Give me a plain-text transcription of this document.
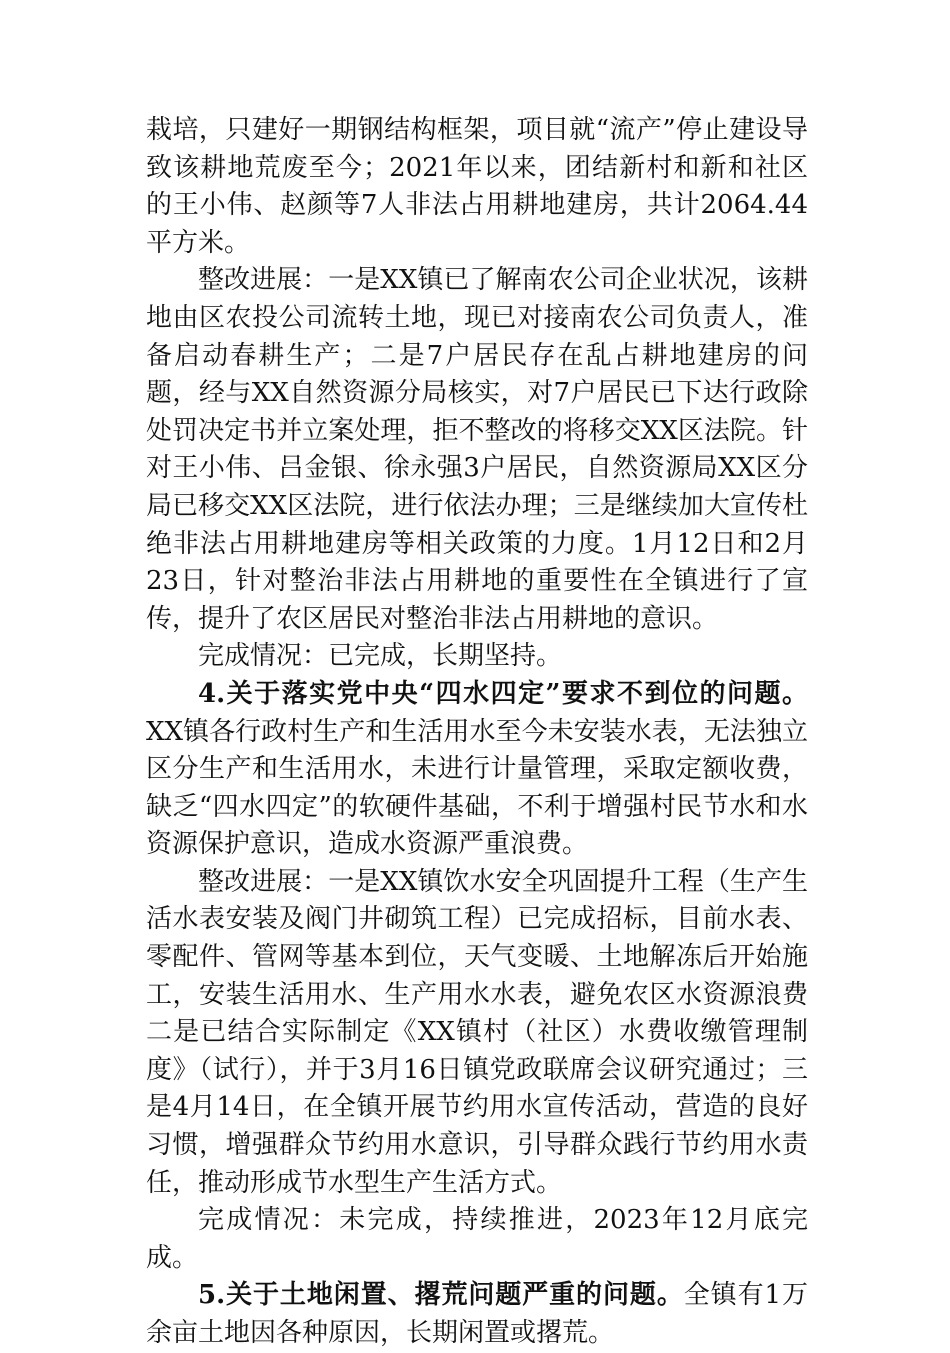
栽培，只建好一期钢结构框架，项目就“流产”停止建设导致该耕地荒废至今；2021年以来，团结新村和新和社区的王小伟、赵颜等7人非法占用耕地建房，共计2064.44平方米。

整改进展：一是XX镇已了解南农公司企业状况，该耕地由区农投公司流转土地，现已对接南农公司负责人，准备启动春耕生产；二是7户居民存在乱占耕地建房的问题，经与XX自然资源分局核实，对7户居民已下达行政除处罚决定书并立案处理，拒不整改的将移交XX区法院。针对王小伟、吕金银、徐永强3户居民，自然资源局XX区分局已移交XX区法院，进行依法办理；三是继续加大宣传杜绝非法占用耕地建房等相关政策的力度。1月12日和2月23日，针对整治非法占用耕地的重要性在全镇进行了宣传，提升了农区居民对整治非法占用耕地的意识。

完成情况：已完成，长期坚持。

4.关于落实党中央“四水四定”要求不到位的问题。XX镇各行政村生产和生活用水至今未安装水表，无法独立区分生产和生活用水，未进行计量管理，采取定额收费，缺乏“四水四定”的软硬件基础，不利于增强村民节水和水资源保护意识，造成水资源严重浪费。

整改进展：一是XX镇饮水安全巩固提升工程（生产生活水表安装及阀门井砌筑工程）已完成招标，目前水表、零配件、管网等基本到位，天气变暖、土地解冻后开始施工，安装生活用水、生产用水水表，避免农区水资源浪费二是已结合实际制定《XX镇村（社区）水费收缴管理制度》（试行），并于3月16日镇党政联席会议研究通过；三是4月14日，在全镇开展节约用水宣传活动，营造的良好习惯，增强群众节约用水意识，引导群众践行节约用水责任，推动形成节水型生产生活方式。

完成情况：未完成，持续推进，2023年12月底完成。

5.关于土地闲置、撂荒问题严重的问题。全镇有1万余亩土地因各种原因，长期闲置或撂荒。
